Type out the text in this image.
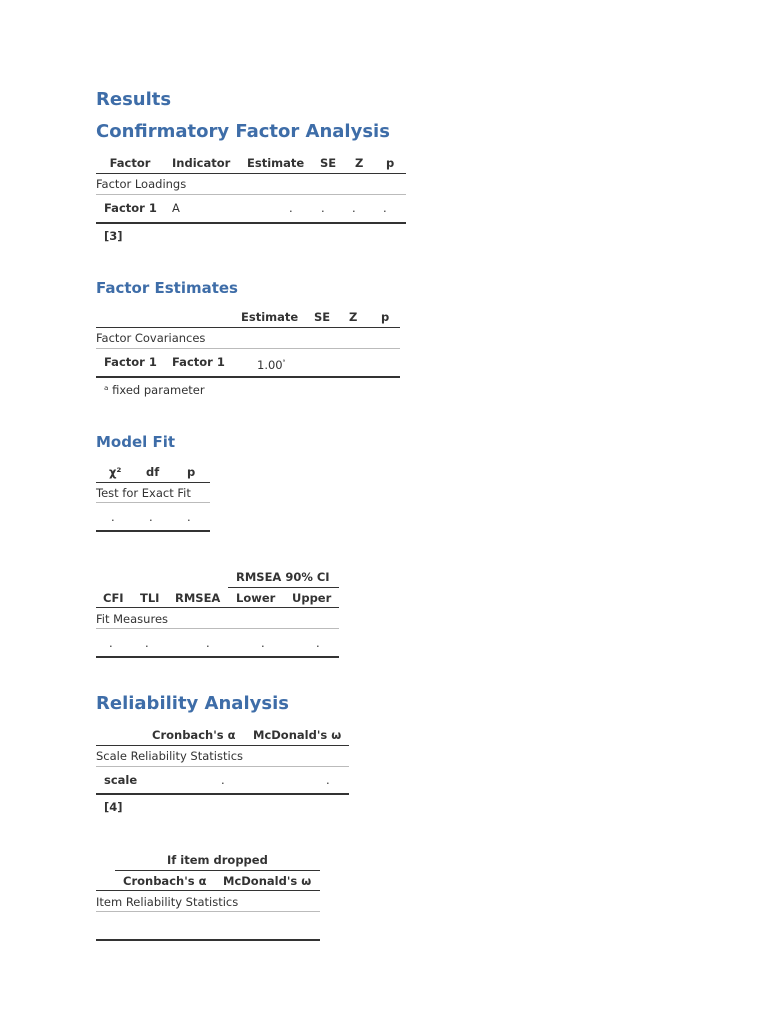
Results
Confirmatory Factor Analysis
Factor	Indicator Estimate SE Z p
Factor Loadings
Factor 1 A	. . . .
[3]
Factor Estimates
Estimate SE Z p
Factor Covariances
Factor 1 Factor 1	$1.00^ᵃ$
ᵃ fixed parameter
Model Fit
χ² df p
Test for Exact Fit
.	.	.
RMSEA 90% CI
CFI TLI RMSEA Lower Upper
Fit Measures
.	.	.	.	.
Reliability Analysis
Cronbach's α McDonald's ω
Scale Reliability Statistics
scale	.	.
[4]
If item dropped
Cronbach's α McDonald's ω
Item Reliability Statistics
